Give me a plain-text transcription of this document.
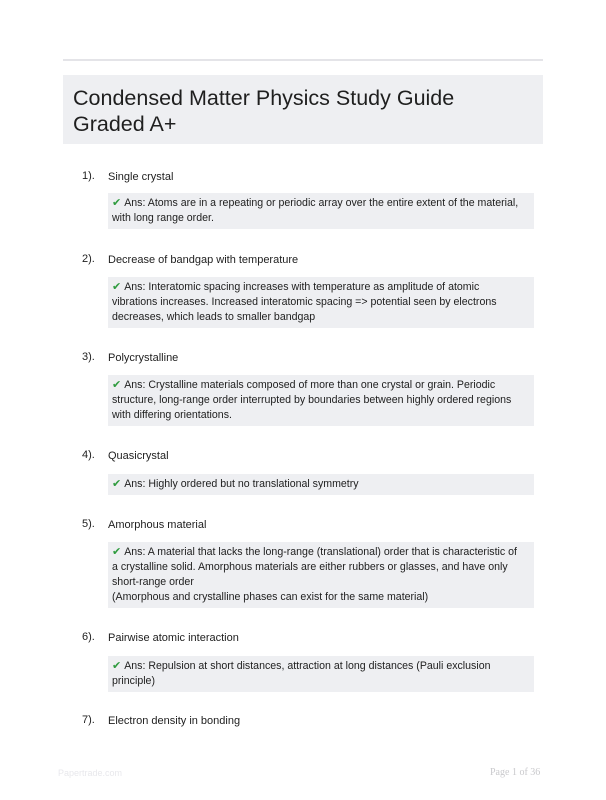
Condensed Matter Physics Study Guide Graded A+
1). Single crystal
✔ Ans: Atoms are in a repeating or periodic array over the entire extent of the material,
with long range order.
2). Decrease of bandgap with temperature
✔ Ans: Interatomic spacing increases with temperature as amplitude of atomic
vibrations increases. Increased interatomic spacing => potential seen by electrons
decreases, which leads to smaller bandgap
3). Polycrystalline
✔ Ans: Crystalline materials composed of more than one crystal or grain. Periodic
structure, long-range order interrupted by boundaries between highly ordered regions
with differing orientations.
4). Quasicrystal
✔ Ans: Highly ordered but no translational symmetry
5). Amorphous material
✔ Ans: A material that lacks the long-range (translational) order that is characteristic of
a crystalline solid. Amorphous materials are either rubbers or glasses, and have only
short-range order
(Amorphous and crystalline phases can exist for the same material)
6). Pairwise atomic interaction
✔ Ans: Repulsion at short distances, attraction at long distances (Pauli exclusion
principle)
7). Electron density in bonding
Papertrade.com	Page 1 of 36
